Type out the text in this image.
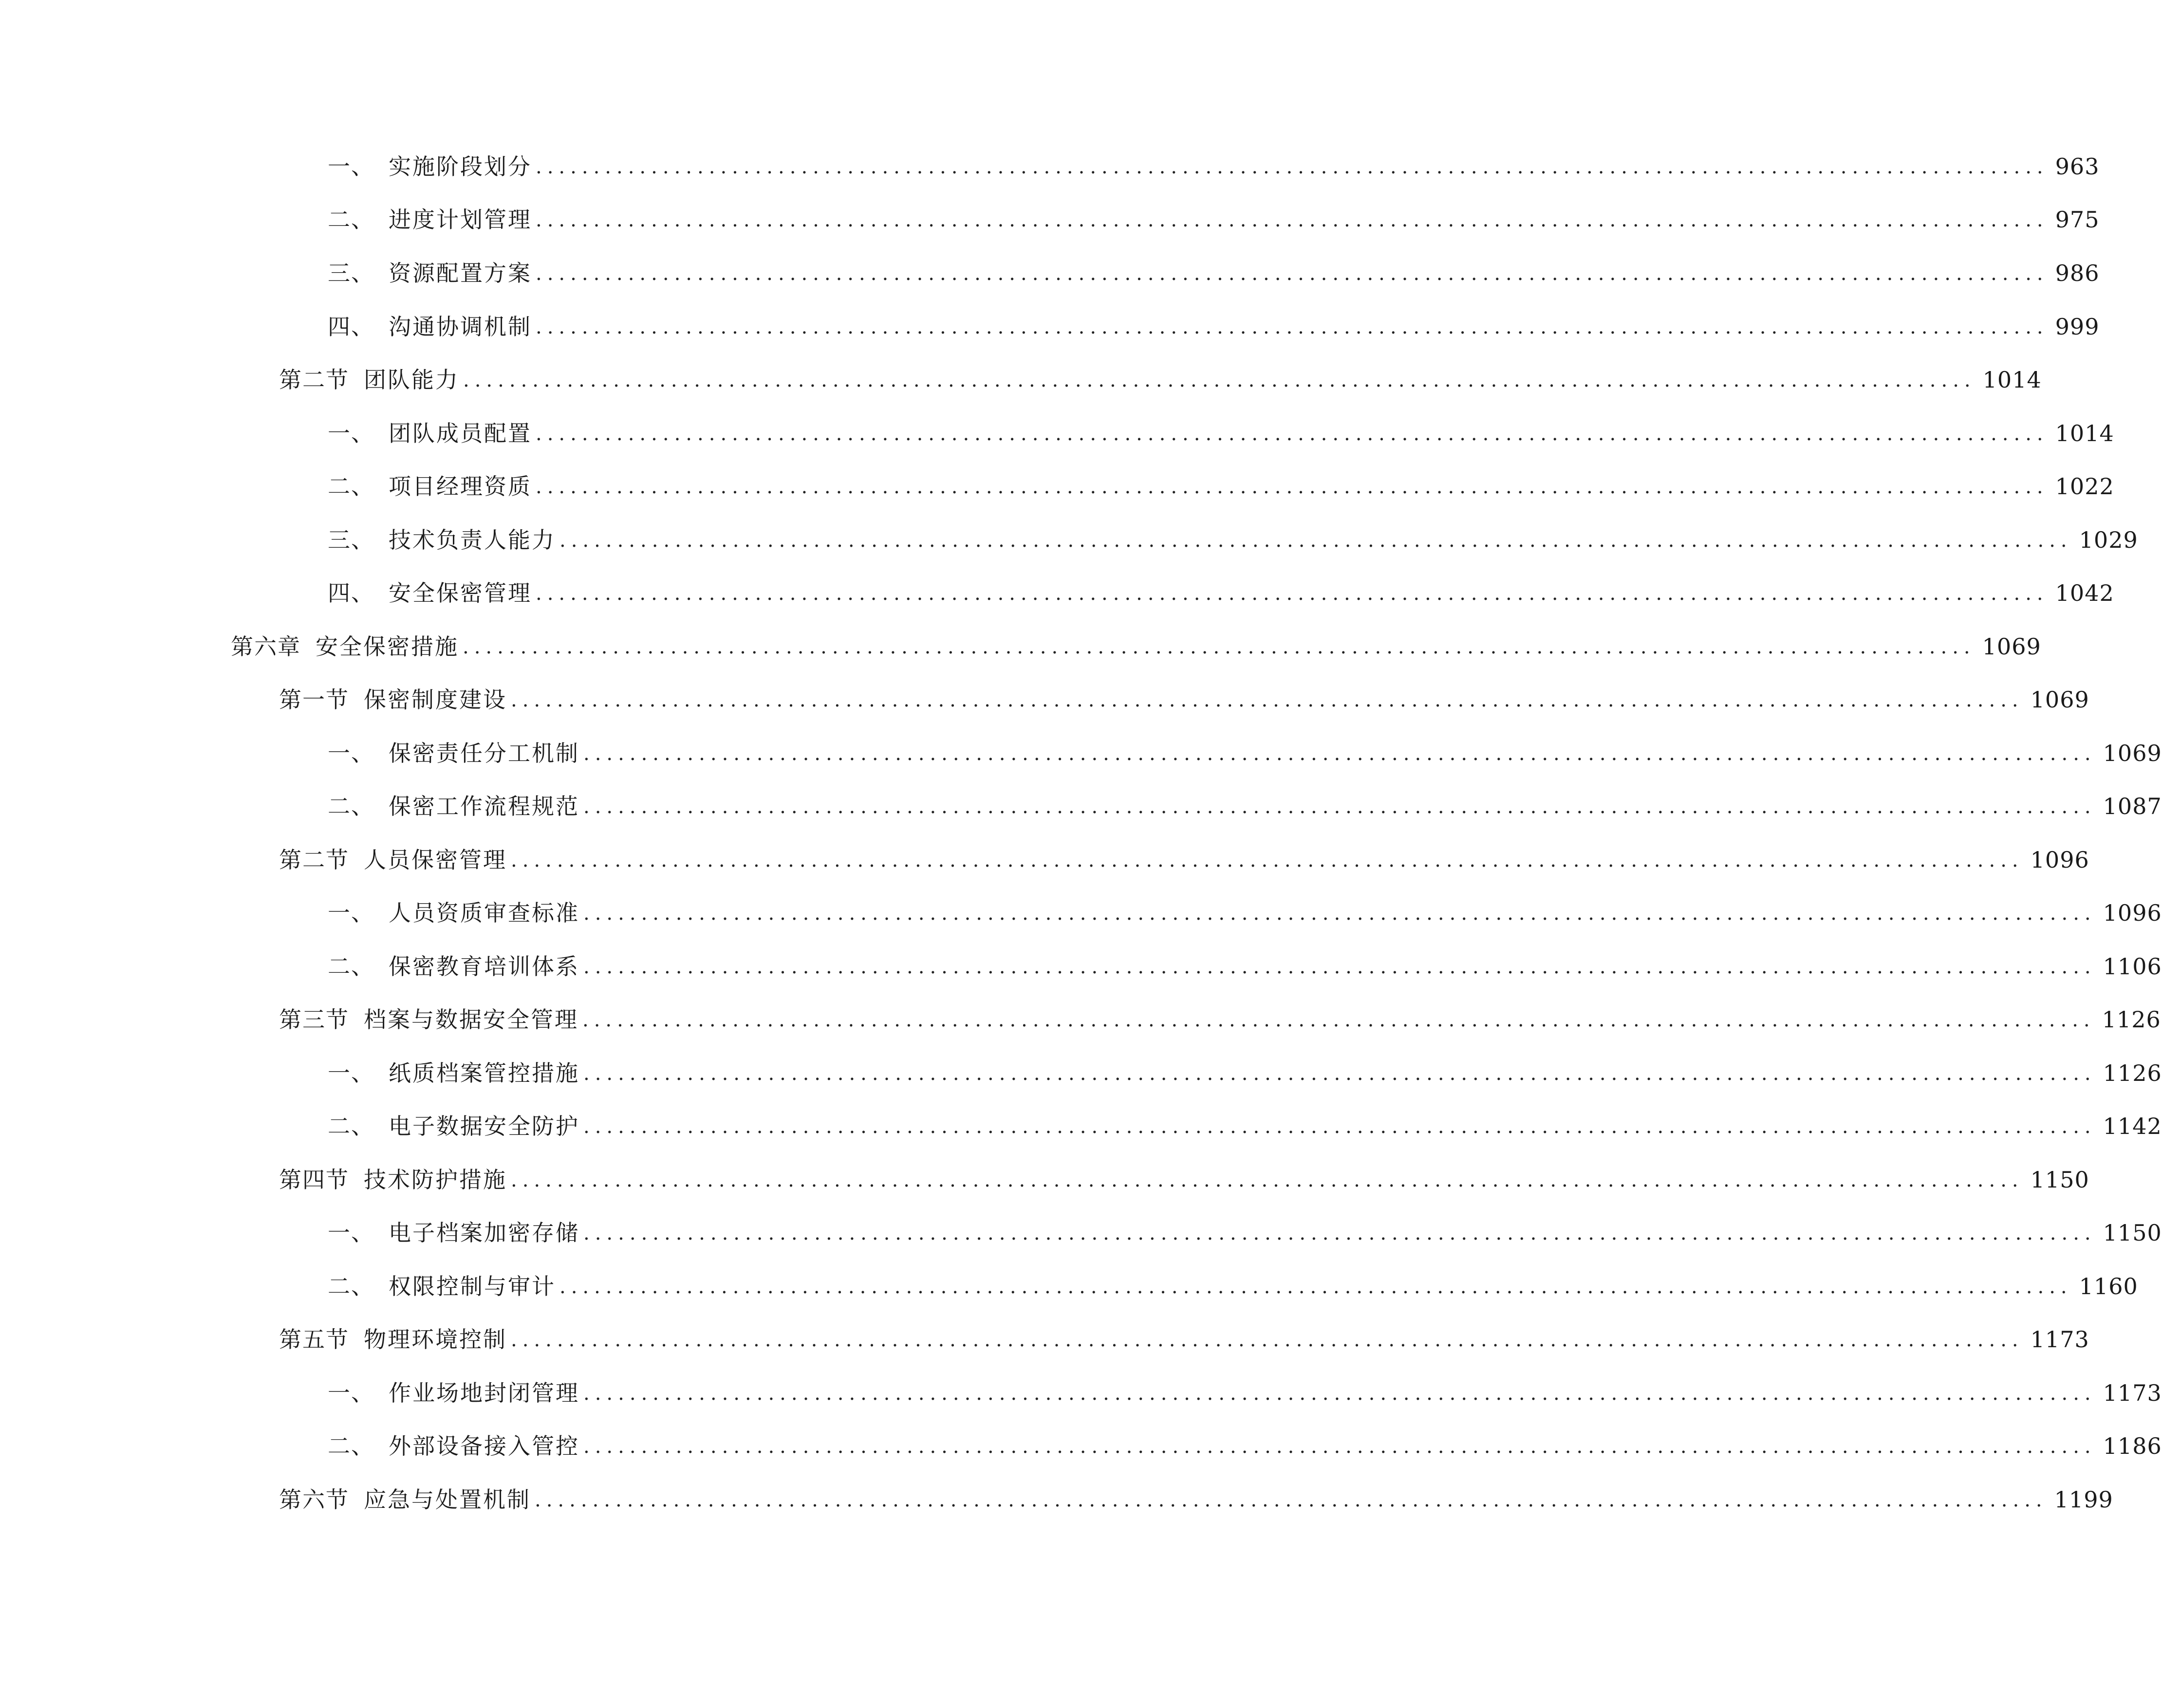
一、 实施阶段划分 ................................................................................................................................... 963
二、 进度计划管理 ................................................................................................................................... 975
三、 资源配置方案 ................................................................................................................................... 986
四、 沟通协调机制 ................................................................................................................................... 999
第二节 团队能力 ................................................................................................................................... 1014
一、 团队成员配置 ................................................................................................................................... 1014
二、 项目经理资质 ................................................................................................................................... 1022
三、 技术负责人能力 ................................................................................................................................... 1029
四、 安全保密管理 ................................................................................................................................... 1042
第六章 安全保密措施 ................................................................................................................................... 1069
第一节 保密制度建设 ................................................................................................................................... 1069
一、 保密责任分工机制 ................................................................................................................................... 1069
二、 保密工作流程规范 ................................................................................................................................... 1087
第二节 人员保密管理 ................................................................................................................................... 1096
一、 人员资质审查标准 ................................................................................................................................... 1096
二、 保密教育培训体系 ................................................................................................................................... 1106
第三节 档案与数据安全管理 ................................................................................................................................... 1126
一、 纸质档案管控措施 ................................................................................................................................... 1126
二、 电子数据安全防护 ................................................................................................................................... 1142
第四节 技术防护措施 ................................................................................................................................... 1150
一、 电子档案加密存储 ................................................................................................................................... 1150
二、 权限控制与审计 ................................................................................................................................... 1160
第五节 物理环境控制 ................................................................................................................................... 1173
一、 作业场地封闭管理 ................................................................................................................................... 1173
二、 外部设备接入管控 ................................................................................................................................... 1186
第六节 应急与处置机制 ................................................................................................................................... 1199
